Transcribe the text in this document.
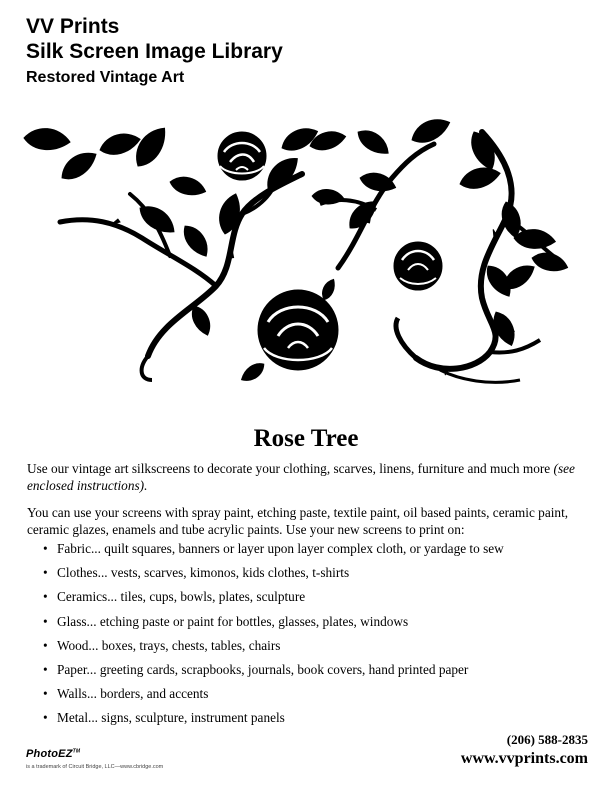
VV Prints
Silk Screen Image Library
Restored Vintage Art
Rose Tree

Use our vintage art silkscreens to decorate your clothing, scarves, linens, furniture and much more (see enclosed instructions).

You can use your screens with spray paint, etching paste, textile paint, oil based paints, ceramic paint, ceramic glazes, enamels and tube acrylic paints. Use your new screens to print on:

• Fabric... quilt squares, banners or layer upon layer complex cloth, or yardage to sew
• Clothes... vests, scarves, kimonos, kids clothes, t-shirts
• Ceramics... tiles, cups, bowls, plates, sculpture
• Glass... etching paste or paint for bottles, glasses, plates, windows
• Wood... boxes, trays, chests, tables, chairs
• Paper... greeting cards, scrapbooks, journals, book covers, hand printed paper
• Walls... borders, and accents
• Metal... signs, sculpture, instrument panels
PhotoEZ™
is a trademark of Circuit Bridge, LLC—www.cbridge.com
(206) 588-2835
www.vvprints.com
